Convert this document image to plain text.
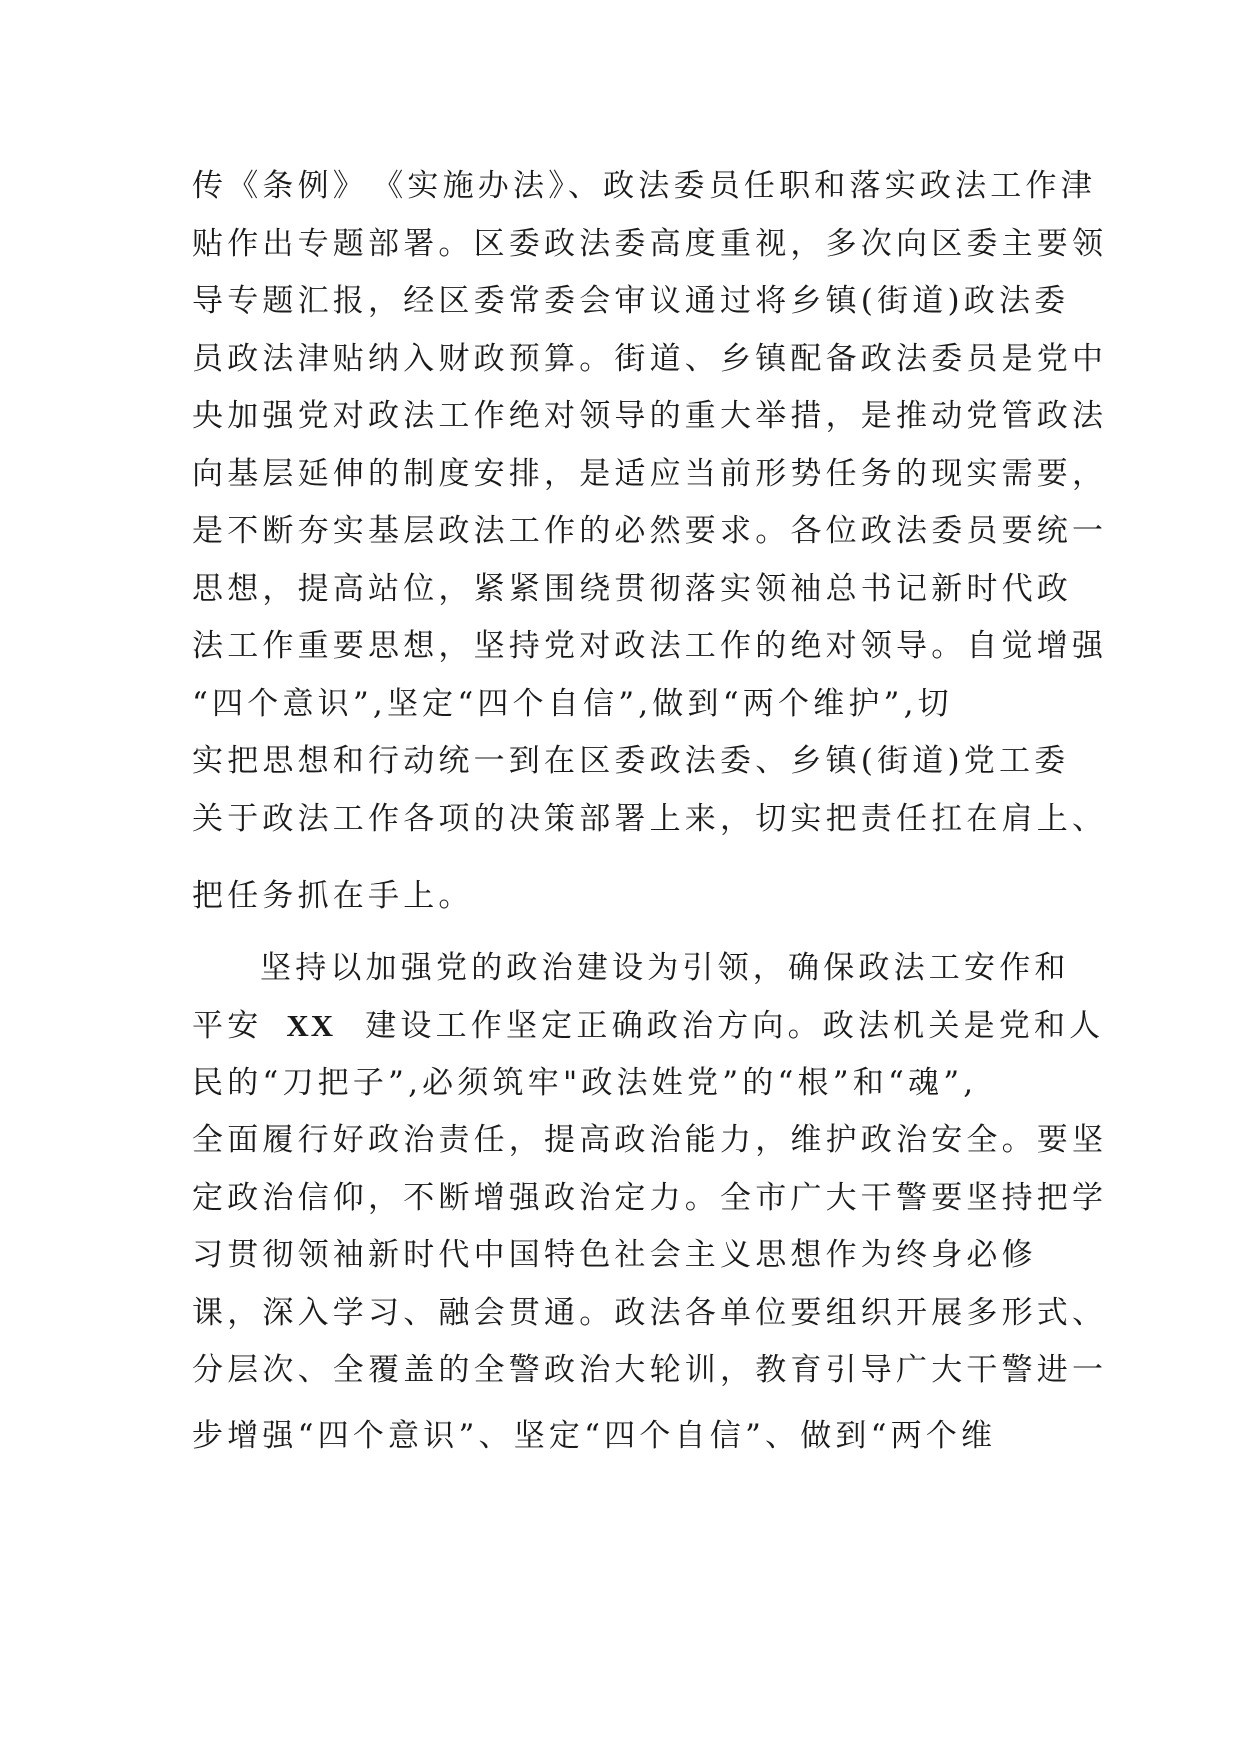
传《条例》　《实施办法》、政法委员任职和落实政法工作津
贴作出专题部署。区委政法委高度重视，多次向区委主要领
导专题汇报，经区委常委会审议通过将乡镇(街道)政法委
员政法津贴纳入财政预算。街道、乡镇配备政法委员是党中
央加强党对政法工作绝对领导的重大举措，是推动党管政法
向基层延伸的制度安排，是适应当前形势任务的现实需要，
是不断夯实基层政法工作的必然要求。各位政法委员要统一
思想，提高站位，紧紧围绕贯彻落实领袖总书记新时代政
法工作重要思想，坚持党对政法工作的绝对领导。自觉增强
“四个意识”,坚定“四个自信”,做到“两个维护”,切
实把思想和行动统一到在区委政法委、乡镇(街道)党工委
关于政法工作各项的决策部署上来，切实把责任扛在肩上、
把任务抓在手上。
坚持以加强党的政治建设为引领，确保政法工安作和
平安 XX 建设工作坚定正确政治方向。政法机关是党和人
民的“刀把子”,必须筑牢"政法姓党”的“根”和“魂”,
全面履行好政治责任，提高政治能力，维护政治安全。要坚
定政治信仰，不断增强政治定力。全市广大干警要坚持把学
习贯彻领袖新时代中国特色社会主义思想作为终身必修
课，深入学习、融会贯通。政法各单位要组织开展多形式、
分层次、全覆盖的全警政治大轮训，教育引导广大干警进一
步增强“四个意识”、坚定“四个自信”、做到“两个维
